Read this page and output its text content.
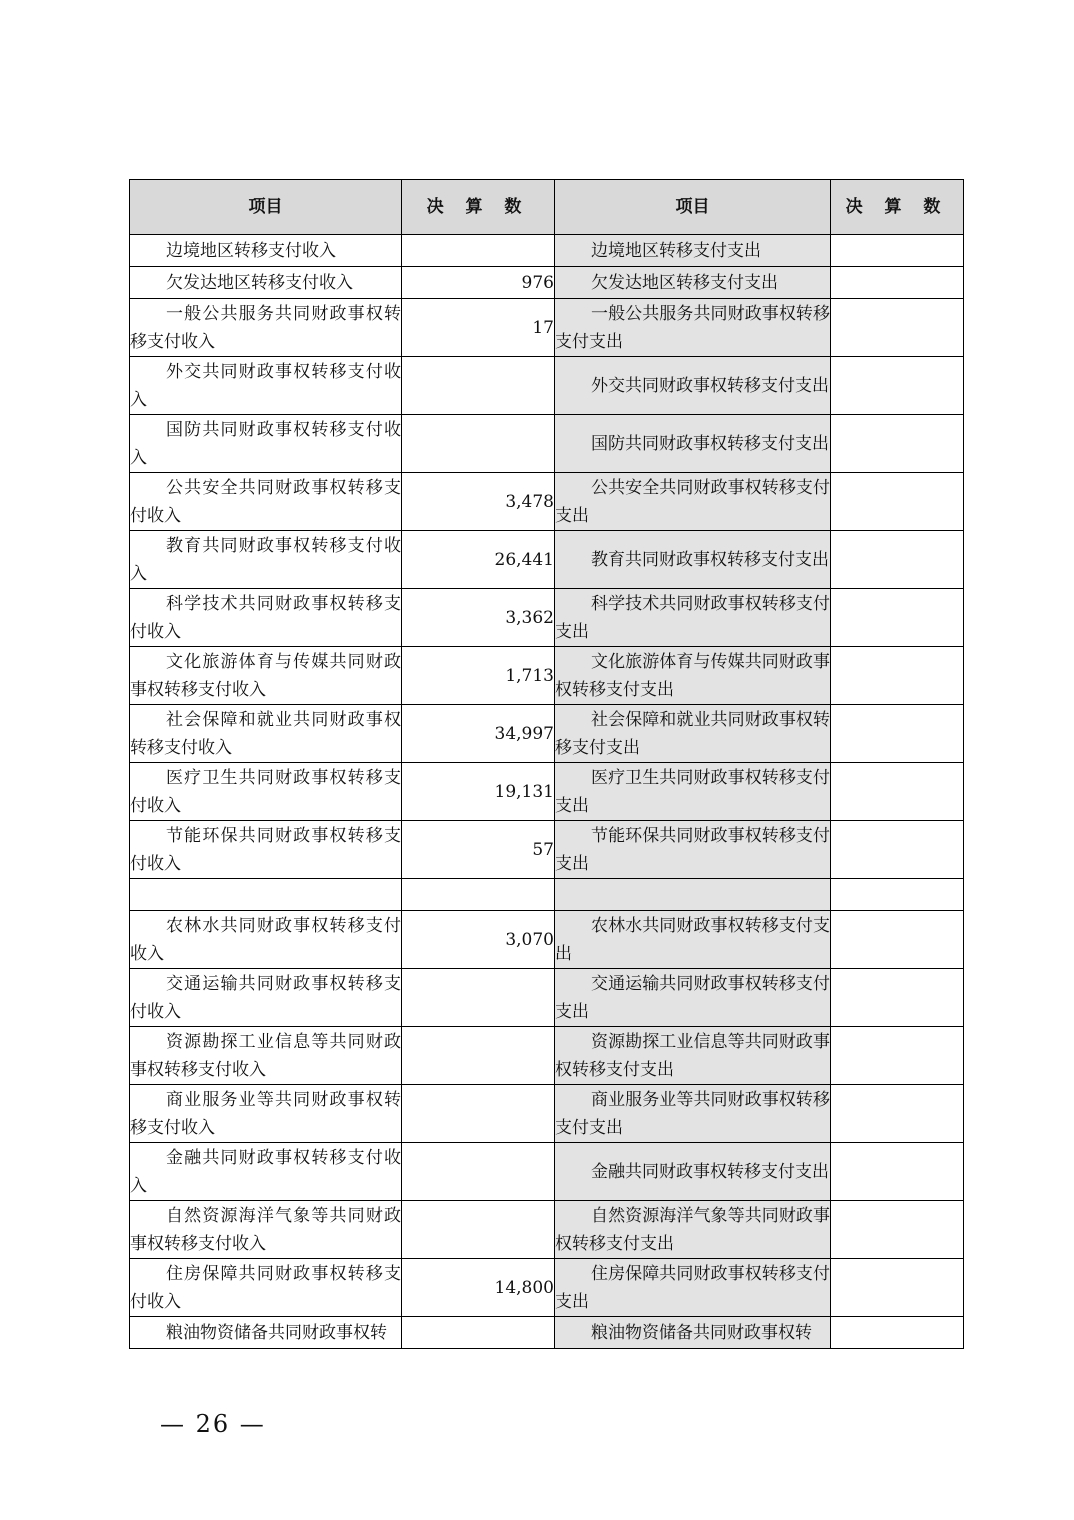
项目	决 算 数	项目	决 算 数

边境地区转移支付收入		边境地区转移支付支出	

欠发达地区转移支付收入	976	欠发达地区转移支付支出	

一般公共服务共同财政事权转移支付收入	17	一般公共服务共同财政事权转移支付支出	

外交共同财政事权转移支付收入		外交共同财政事权转移支付支出	

国防共同财政事权转移支付收入		国防共同财政事权转移支付支出	

公共安全共同财政事权转移支付收入	3,478	公共安全共同财政事权转移支付支出	

教育共同财政事权转移支付收入	26,441	教育共同财政事权转移支付支出	

科学技术共同财政事权转移支付收入	3,362	科学技术共同财政事权转移支付支出	

文化旅游体育与传媒共同财政事权转移支付收入	1,713	文化旅游体育与传媒共同财政事权转移支付支出	

社会保障和就业共同财政事权转移支付收入	34,997	社会保障和就业共同财政事权转移支付支出	

医疗卫生共同财政事权转移支付收入	19,131	医疗卫生共同财政事权转移支付支出	

节能环保共同财政事权转移支付收入	57	节能环保共同财政事权转移支付支出	

农林水共同财政事权转移支付收入	3,070	农林水共同财政事权转移支付支出	

交通运输共同财政事权转移支付收入		交通运输共同财政事权转移支付支出	

资源勘探工业信息等共同财政事权转移支付收入		资源勘探工业信息等共同财政事权转移支付支出	

商业服务业等共同财政事权转移支付收入		商业服务业等共同财政事权转移支付支出	

金融共同财政事权转移支付收入		金融共同财政事权转移支付支出	

自然资源海洋气象等共同财政事权转移支付收入		自然资源海洋气象等共同财政事权转移支付支出	

住房保障共同财政事权转移支付收入	14,800	住房保障共同财政事权转移支付支出	

粮油物资储备共同财政事权转		粮油物资储备共同财政事权转	

— 26 —
